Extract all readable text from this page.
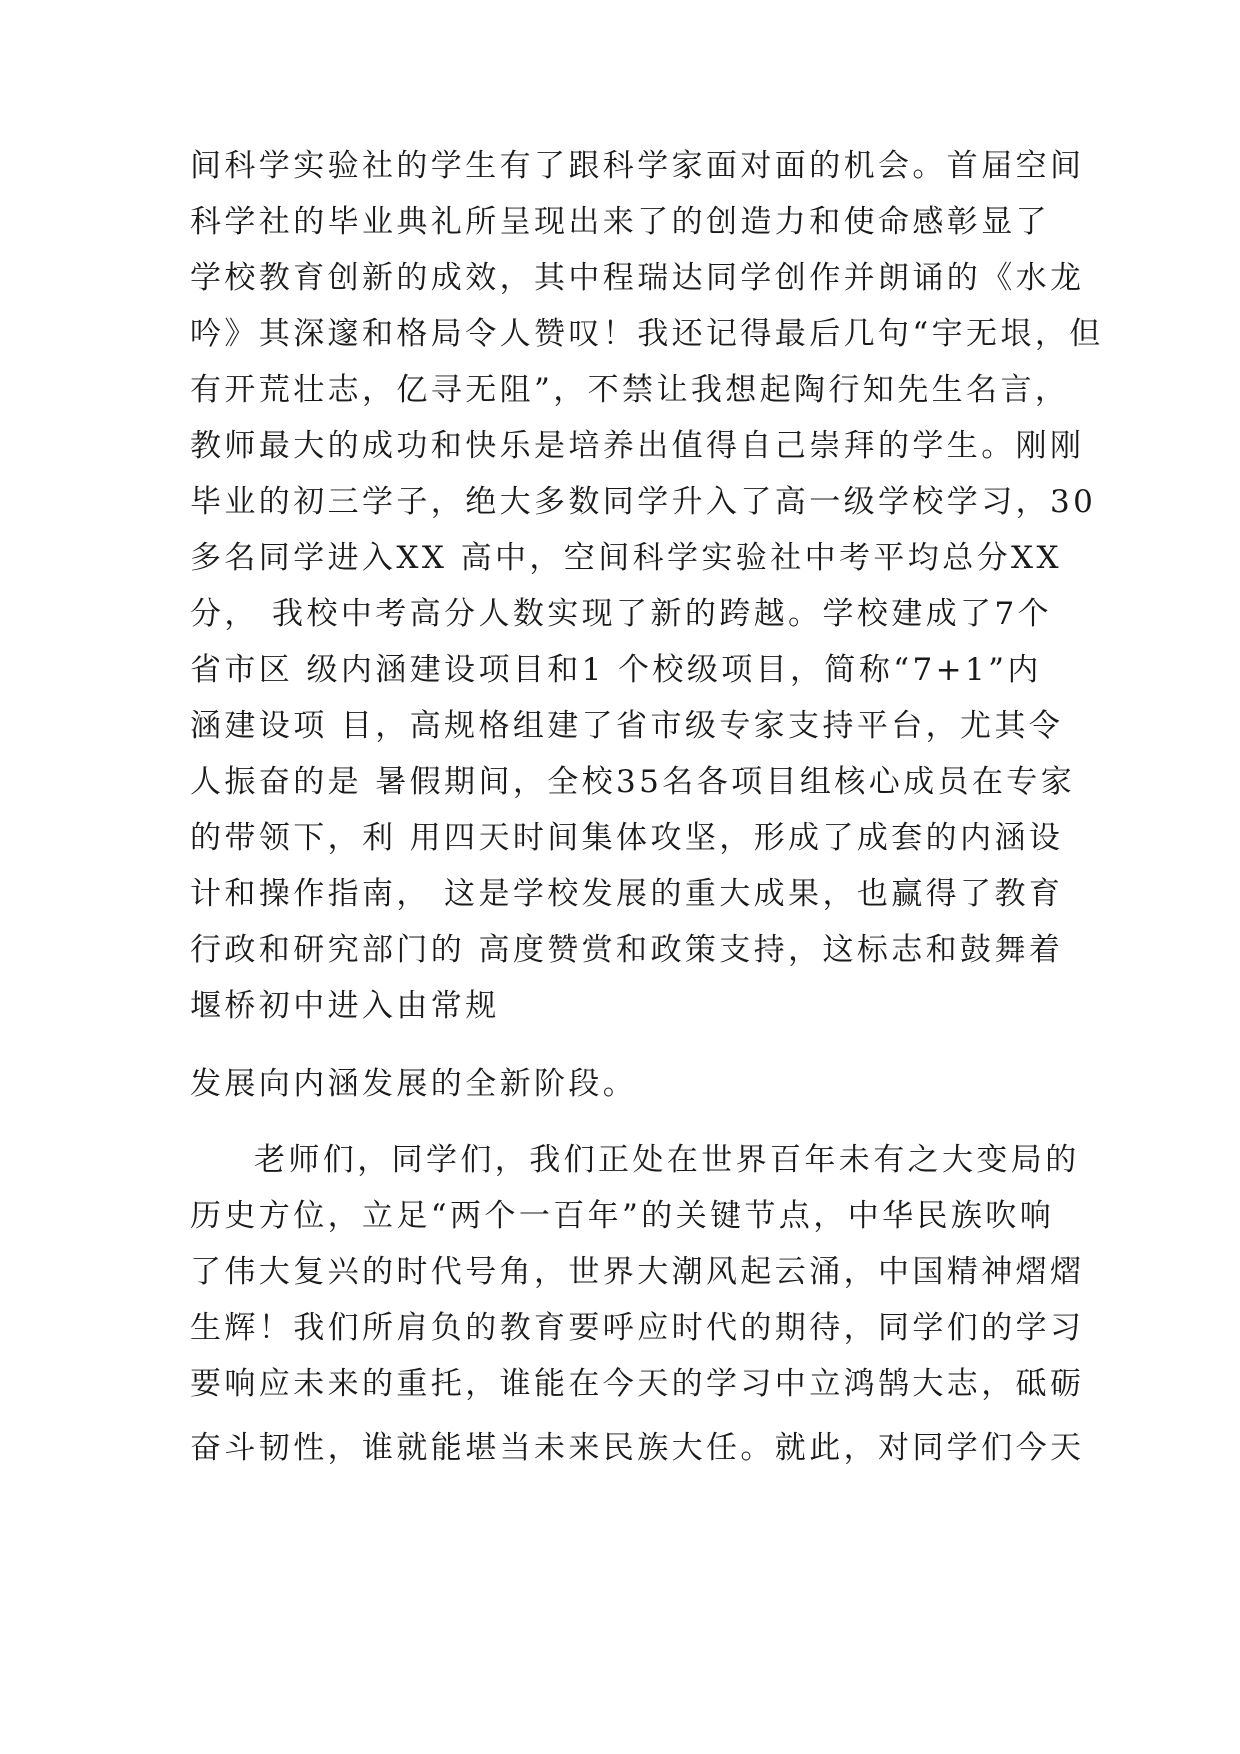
间科学实验社的学生有了跟科学家面对面的机会。首届空间
科学社的毕业典礼所呈现出来了的创造力和使命感彰显了
学校教育创新的成效，其中程瑞达同学创作并朗诵的《水龙
吟》其深邃和格局令人赞叹！我还记得最后几句“宇无垠，但
有开荒壮志，亿寻无阻”，不禁让我想起陶行知先生名言，
教师最大的成功和快乐是培养出值得自己崇拜的学生。刚刚
毕业的初三学子，绝大多数同学升入了高一级学校学习，30
多名同学进入XX 高中，空间科学实验社中考平均总分XX
分， 我校中考高分人数实现了新的跨越。学校建成了7个
省市区 级内涵建设项目和1 个校级项目，简称“7+1”内
涵建设项 目，高规格组建了省市级专家支持平台，尤其令
人振奋的是 暑假期间，全校35名各项目组核心成员在专家
的带领下，利 用四天时间集体攻坚，形成了成套的内涵设
计和操作指南， 这是学校发展的重大成果，也赢得了教育
行政和研究部门的 高度赞赏和政策支持，这标志和鼓舞着
堰桥初中进入由常规
发展向内涵发展的全新阶段。
老师们，同学们，我们正处在世界百年未有之大变局的
历史方位，立足“两个一百年”的关键节点，中华民族吹响
了伟大复兴的时代号角，世界大潮风起云涌，中国精神熠熠
生辉！我们所肩负的教育要呼应时代的期待，同学们的学习
要响应未来的重托，谁能在今天的学习中立鸿鹄大志，砥砺
奋斗韧性，谁就能堪当未来民族大任。就此，对同学们今天
